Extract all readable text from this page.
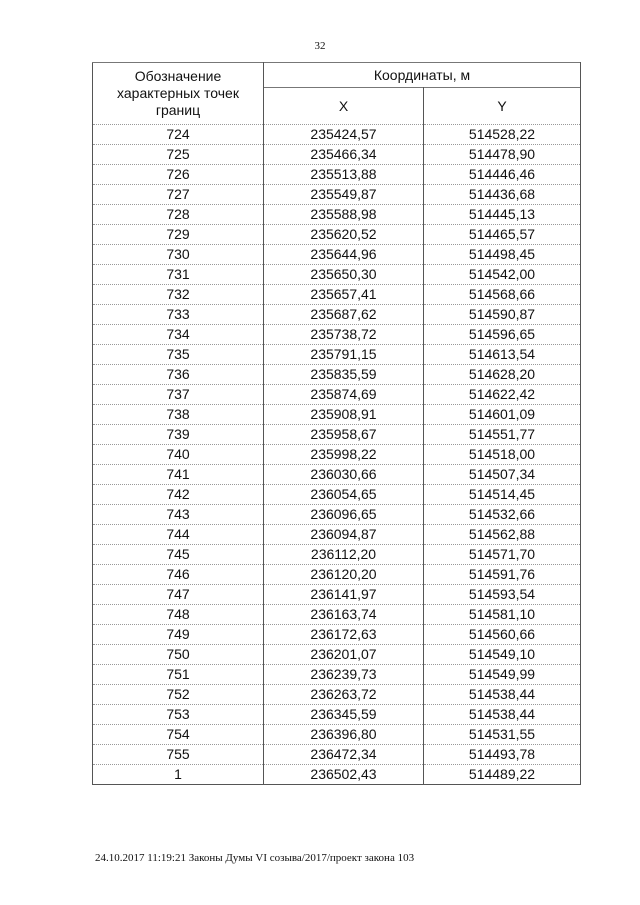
32
Обозначение характерных точек границ	Координаты, м	
	X	Y
724	235424,57	514528,22
725	235466,34	514478,90
726	235513,88	514446,46
727	235549,87	514436,68
728	235588,98	514445,13
729	235620,52	514465,57
730	235644,96	514498,45
731	235650,30	514542,00
732	235657,41	514568,66
733	235687,62	514590,87
734	235738,72	514596,65
735	235791,15	514613,54
736	235835,59	514628,20
737	235874,69	514622,42
738	235908,91	514601,09
739	235958,67	514551,77
740	235998,22	514518,00
741	236030,66	514507,34
742	236054,65	514514,45
743	236096,65	514532,66
744	236094,87	514562,88
745	236112,20	514571,70
746	236120,20	514591,76
747	236141,97	514593,54
748	236163,74	514581,10
749	236172,63	514560,66
750	236201,07	514549,10
751	236239,73	514549,99
752	236263,72	514538,44
753	236345,59	514538,44
754	236396,80	514531,55
755	236472,34	514493,78
1	236502,43	514489,22
24.10.2017 11:19:21 Законы Думы VI созыва/2017/проект закона 103
